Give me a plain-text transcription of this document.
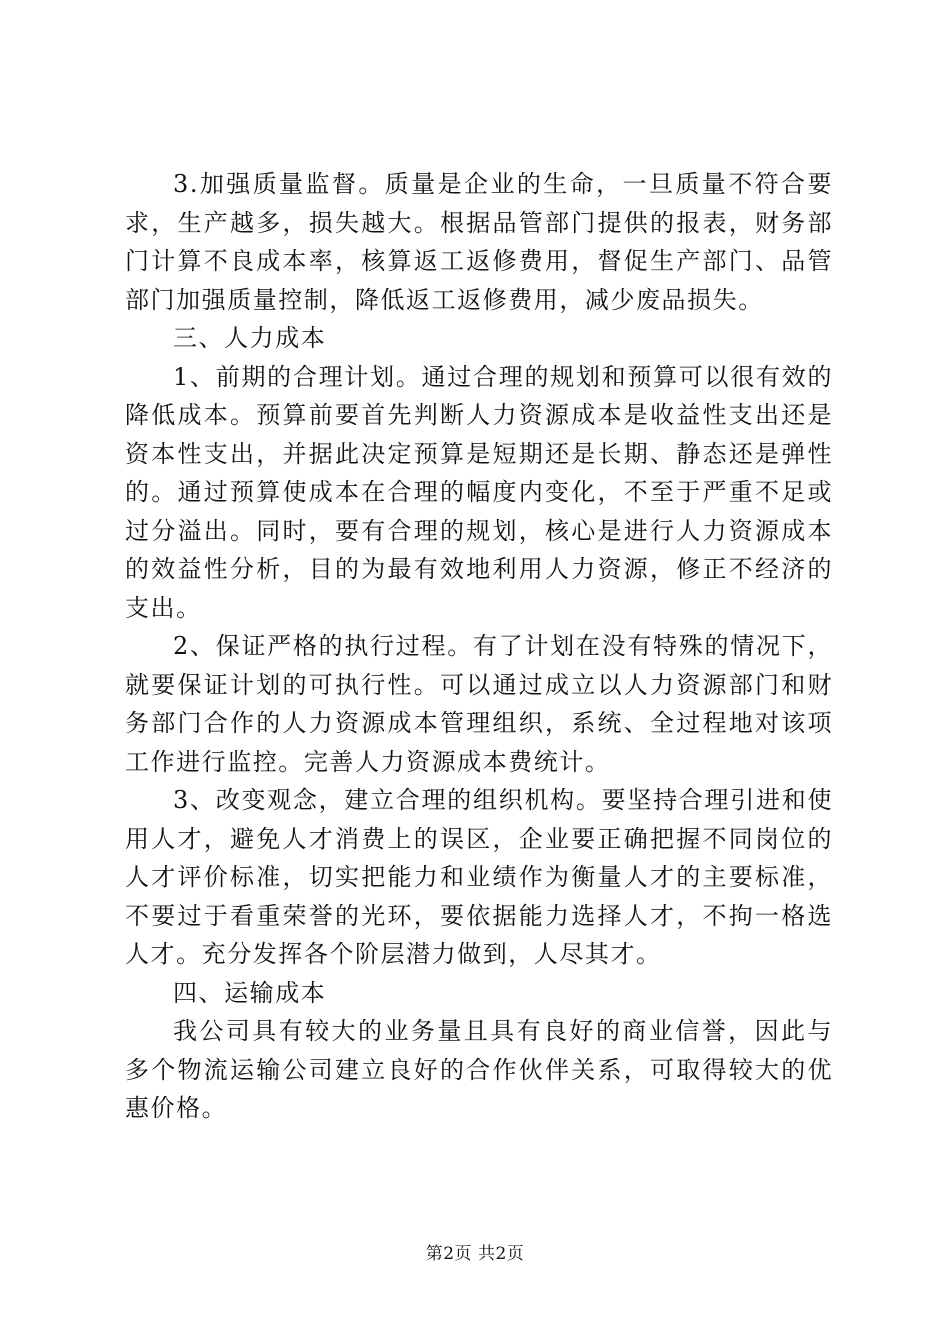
3.加强质量监督。质量是企业的生命，一旦质量不符合要求，生产越多，损失越大。根据品管部门提供的报表，财务部门计算不良成本率，核算返工返修费用，督促生产部门、品管部门加强质量控制，降低返工返修费用，减少废品损失。

三、人力成本

1、前期的合理计划。通过合理的规划和预算可以很有效的降低成本。预算前要首先判断人力资源成本是收益性支出还是资本性支出，并据此决定预算是短期还是长期、静态还是弹性的。通过预算使成本在合理的幅度内变化，不至于严重不足或过分溢出。同时，要有合理的规划，核心是进行人力资源成本的效益性分析，目的为最有效地利用人力资源，修正不经济的支出。

2、保证严格的执行过程。有了计划在没有特殊的情况下，就要保证计划的可执行性。可以通过成立以人力资源部门和财务部门合作的人力资源成本管理组织，系统、全过程地对该项工作进行监控。完善人力资源成本费统计。

3、改变观念，建立合理的组织机构。要坚持合理引进和使用人才，避免人才消费上的误区，企业要正确把握不同岗位的人才评价标准，切实把能力和业绩作为衡量人才的主要标准，不要过于看重荣誉的光环，要依据能力选择人才，不拘一格选人才。充分发挥各个阶层潜力做到，人尽其才。

四、运输成本

我公司具有较大的业务量且具有良好的商业信誉，因此与多个物流运输公司建立良好的合作伙伴关系，可取得较大的优惠价格。

第2页 共2页
